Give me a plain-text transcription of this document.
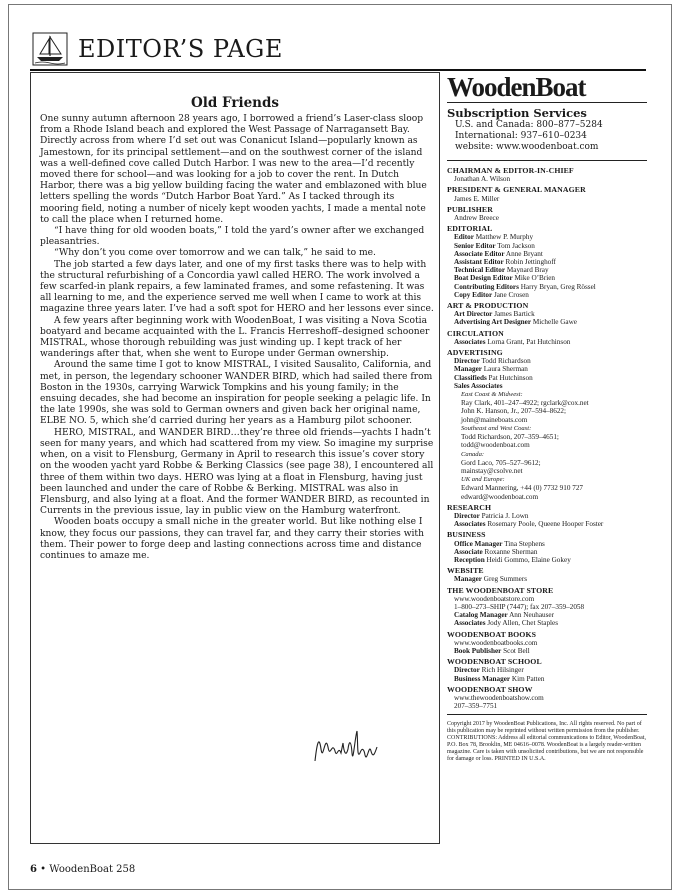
EDITOR’S PAGE
Old Friends

One sunny autumn afternoon 28 years ago, I borrowed a friend’s Laser-class sloop from a Rhode Island beach and explored the West Passage of Narragansett Bay. Directly across from where I’d set out was Conanicut Island—popularly known as Jamestown, for its principal settlement—and on the southwest corner of the island was a well-defined cove called Dutch Harbor. I was new to the area—I’d recently moved there for school—and was looking for a job to cover the rent. In Dutch Harbor, there was a big yellow building facing the water and emblazoned with blue letters spelling the words “Dutch Harbor Boat Yard.” As I tacked through its mooring field, noting a number of nicely kept wooden yachts, I made a mental note to call the place when I returned home.

“I have thing for old wooden boats,” I told the yard’s owner after we exchanged pleasantries.

“Why don’t you come over tomorrow and we can talk,” he said to me.

The job started a few days later, and one of my first tasks there was to help with the structural refurbishing of a Concordia yawl called HERO. The work involved a few scarfed-in plank repairs, a few laminated frames, and some refastening. It was all learning to me, and the experience served me well when I came to work at this magazine three years later. I’ve had a soft spot for HERO and her lessons ever since.

A few years after beginning work with WoodenBoat, I was visiting a Nova Scotia boatyard and became acquainted with the L. Francis Herreshoff–designed schooner MISTRAL, whose thorough rebuilding was just winding up. I kept track of her wanderings after that, when she went to Europe under German ownership.

Around the same time I got to know MISTRAL, I visited Sausalito, California, and met, in person, the legendary schooner WANDER BIRD, which had sailed there from Boston in the 1930s, carrying Warwick Tompkins and his young family; in the ensuing decades, she had become an inspiration for people seeking a pelagic life. In the late 1990s, she was sold to German owners and given back her original name, ELBE NO. 5, which she’d carried during her years as a Hamburg pilot schooner.

HERO, MISTRAL, and WANDER BIRD…they’re three old friends—yachts I hadn’t seen for many years, and which had scattered from my view. So imagine my surprise when, on a visit to Flensburg, Germany in April to research this issue’s cover story on the wooden yacht yard Robbe & Berking Classics (see page 38), I encountered all three of them within two days. HERO was lying at a float in Flensburg, having just been launched and under the care of Robbe & Berking. MISTRAL was also in Flensburg, and also lying at a float. And the former WANDER BIRD, as recounted in Currents in the previous issue, lay in public view on the Hamburg waterfront.

Wooden boats occupy a small niche in the greater world. But like nothing else I know, they focus our passions, they can travel far, and they carry their stories with them. Their power to forge deep and lasting connections across time and distance continues to amaze me.

WoodenBoat
Subscription Services
U.S. and Canada: 800–877–5284
International: 937–610–0234
website: www.woodenboat.com
CHAIRMAN & EDITOR-IN-CHIEF
Jonathan A. Wilson
PRESIDENT & GENERAL MANAGER
James E. Miller
PUBLISHER
Andrew Breece
EDITORIAL
Editor Matthew P. Murphy
Senior Editor Tom Jackson
Associate Editor Anne Bryant
Assistant Editor Robin Jettinghoff
Technical Editor Maynard Bray
Boat Design Editor Mike O’Brien
Contributing Editors Harry Bryan, Greg Rössel
Copy Editor Jane Crosen
ART & PRODUCTION
Art Director James Bartick
Advertising Art Designer Michelle Gawe
CIRCULATION
Associates Lorna Grant, Pat Hutchinson
ADVERTISING
Director Todd Richardson
Manager Laura Sherman
Classifieds Pat Hutchinson
Sales Associates
East Coast & Midwest:
Ray Clark, 401–247–4922; rgclark@cox.net
John K. Hanson, Jr., 207–594–8622;
john@maineboats.com
Southeast and West Coast:
Todd Richardson, 207–359–4651;
todd@woodenboat.com
Canada:
Gord Laco, 705–527–9612;
mainstay@csolve.net
UK and Europe:
Edward Mannering, +44 (0) 7732 910 727
edward@woodenboat.com
RESEARCH
Director Patricia J. Lown
Associates Rosemary Poole, Queene Hooper Foster
BUSINESS
Office Manager Tina Stephens
Associate Roxanne Sherman
Reception Heidi Gommo, Elaine Gokey
WEBSITE
Manager Greg Summers
THE WOODENBOAT STORE
www.woodenboatstore.com
1–800–273–SHIP (7447); fax 207–359–2058
Catalog Manager Ann Neuhauser
Associates Jody Allen, Chet Staples
WOODENBOAT BOOKS
www.woodenboatbooks.com
Book Publisher Scot Bell
WOODENBOAT SCHOOL
Director Rich Hilsinger
Business Manager Kim Patten
WOODENBOAT SHOW
www.thewoodenboatshow.com
207–359–7751
Copyright 2017 by WoodenBoat Publications, Inc. All rights reserved. No part of this publication may be reprinted without written permission from the publisher. CONTRIBUTIONS: Address all editorial communications to Editor, WoodenBoat, P.O. Box 78, Brooklin, ME 04616–0078. WoodenBoat is a largely reader-written magazine. Care is taken with unsolicited contributions, but we are not responsible for damage or loss. PRINTED IN U.S.A.
6 • WoodenBoat 258
